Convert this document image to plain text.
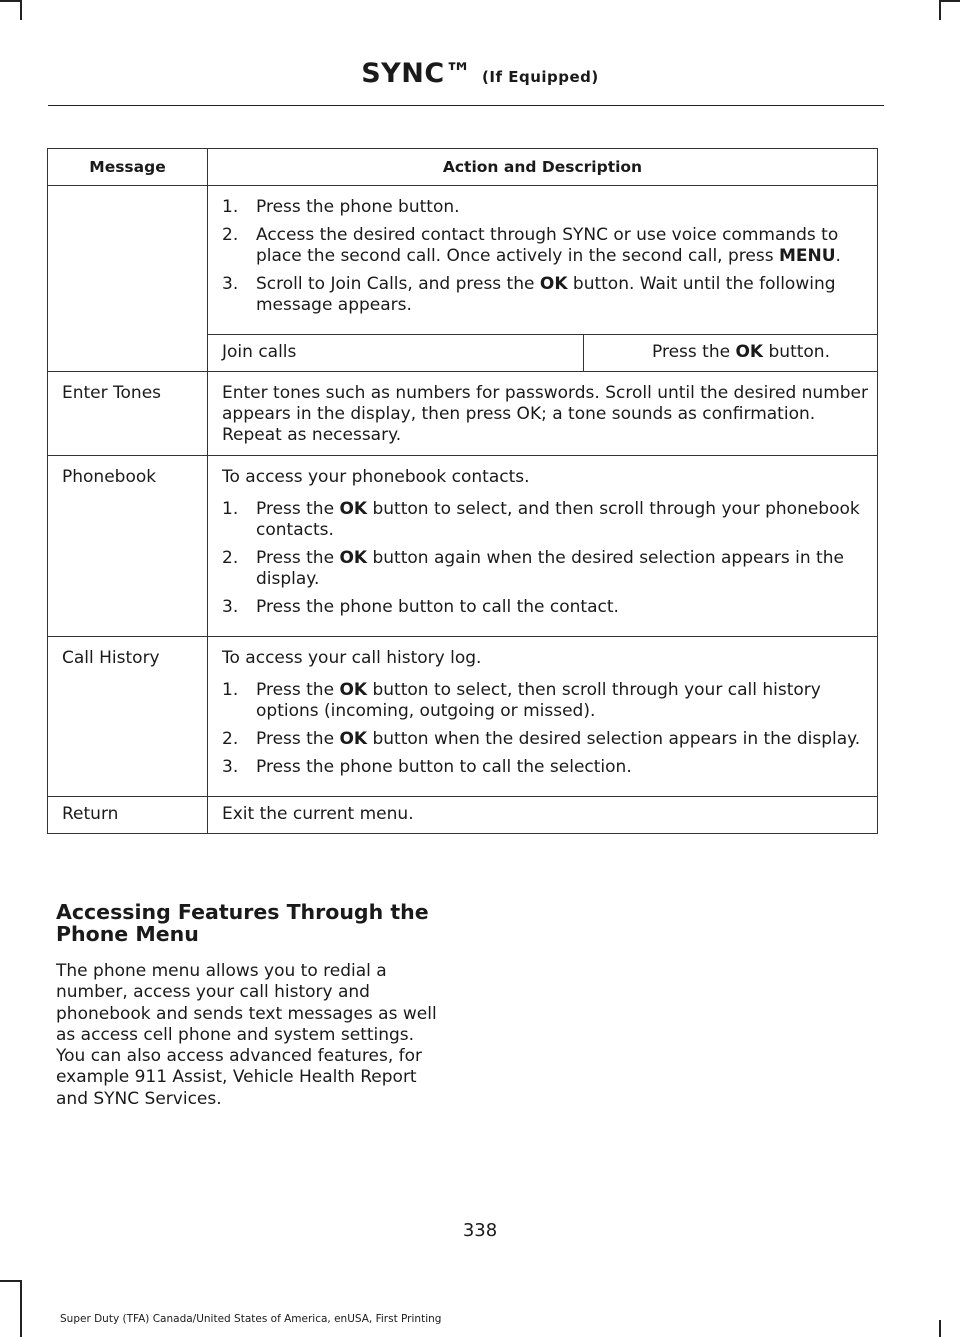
SYNC™ (If Equipped)
Message	Action and Description

1. Press the phone button.
2. Access the desired contact through SYNC or use voice commands to place the second call. Once actively in the second call, press MENU.
3. Scroll to Join Calls, and press the OK button. Wait until the following message appears.
Join calls	Press the OK button.

Enter Tones	Enter tones such as numbers for passwords. Scroll until the desired number appears in the display, then press OK; a tone sounds as confirmation. Repeat as necessary.

Phonebook	To access your phonebook contacts.

1. Press the OK button to select, and then scroll through your phonebook contacts.
2. Press the OK button again when the desired selection appears in the display.
3. Press the phone button to call the contact.

Call History	To access your call history log.

1. Press the OK button to select, then scroll through your call history options (incoming, outgoing or missed).
2. Press the OK button when the desired selection appears in the display.
3. Press the phone button to call the selection.

Return	Exit the current menu.
Accessing Features Through the Phone Menu
The phone menu allows you to redial a number, access your call history and phonebook and sends text messages as well as access cell phone and system settings. You can also access advanced features, for example 911 Assist, Vehicle Health Report and SYNC Services.
338
Super Duty (TFA) Canada/United States of America, enUSA, First Printing
